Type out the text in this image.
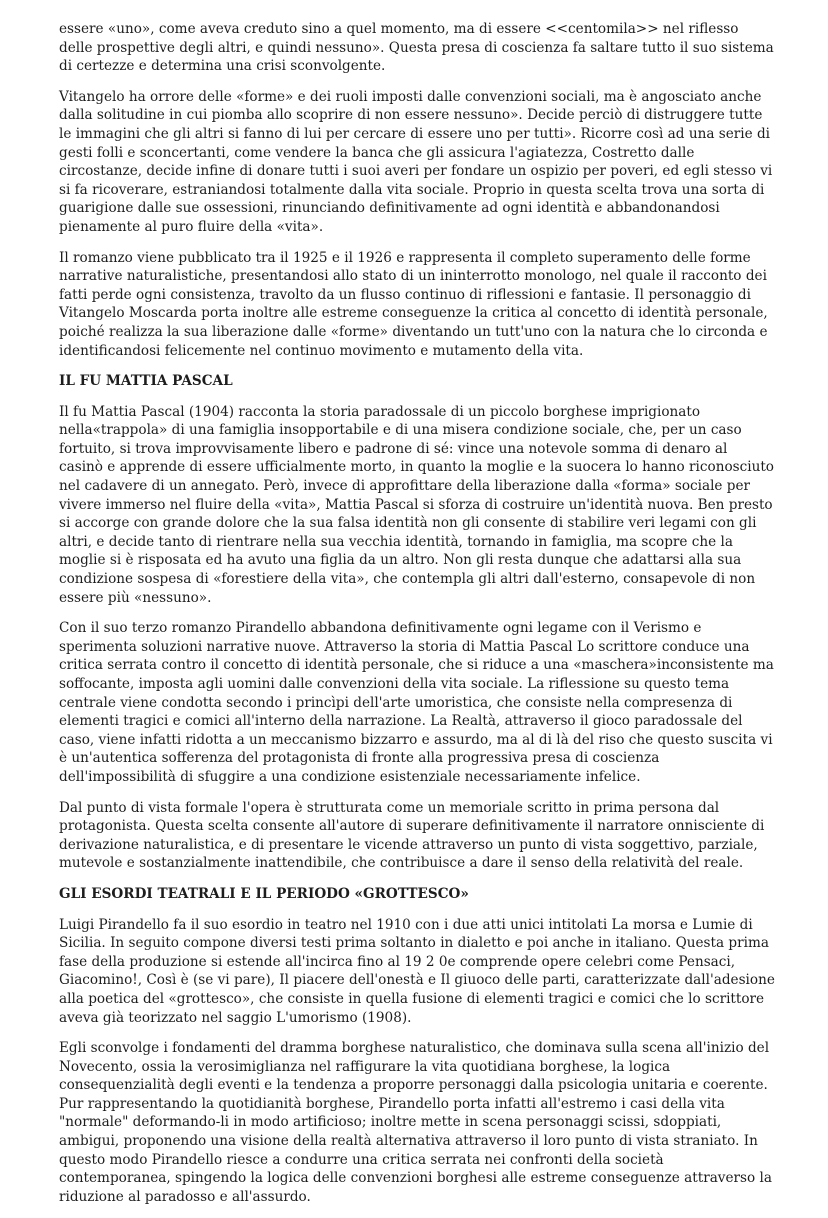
essere «uno», come aveva creduto sino a quel momento, ma di essere <<centomila>> nel riflesso delle prospettive degli altri, e quindi nessuno». Questa presa di coscienza fa saltare tutto il suo sistema di certezze e determina una crisi sconvolgente.

Vitangelo ha orrore delle «forme» e dei ruoli imposti dalle convenzioni sociali, ma è angosciato anche dalla solitudine in cui piomba allo scoprire di non essere nessuno». Decide perciò di distruggere tutte le immagini che gli altri si fanno di lui per cercare di essere uno per tutti». Ricorre così ad una serie di gesti folli e sconcertanti, come vendere la banca che gli assicura l'agiatezza, Costretto dalle circostanze, decide infine di donare tutti i suoi averi per fondare un ospizio per poveri, ed egli stesso vi si fa ricoverare, estraniandosi totalmente dalla vita sociale. Proprio in questa scelta trova una sorta di guarigione dalle sue ossessioni, rinunciando definitivamente ad ogni identità e abbandonandosi pienamente al puro fluire della «vita».

Il romanzo viene pubblicato tra il 1925 e il 1926 e rappresenta il completo superamento delle forme narrative naturalistiche, presentandosi allo stato di un ininterrotto monologo, nel quale il racconto dei fatti perde ogni consistenza, travolto da un flusso continuo di riflessioni e fantasie. Il personaggio di Vitangelo Moscarda porta inoltre alle estreme conseguenze la critica al concetto di identità personale, poiché realizza la sua liberazione dalle «forme» diventando un tutt'uno con la natura che lo circonda e identificandosi felicemente nel continuo movimento e mutamento della vita.

IL FU MATTIA PASCAL

Il fu Mattia Pascal (1904) racconta la storia paradossale di un piccolo borghese imprigionato nella«trappola» di una famiglia insopportabile e di una misera condizione sociale, che, per un caso fortuito, si trova improvvisamente libero e padrone di sé: vince una notevole somma di denaro al casinò e apprende di essere ufficialmente morto, in quanto la moglie e la suocera lo hanno riconosciuto nel cadavere di un annegato. Però, invece di approfittare della liberazione dalla «forma» sociale per vivere immerso nel fluire della «vita», Mattia Pascal si sforza di costruire un'identità nuova. Ben presto si accorge con grande dolore che la sua falsa identità non gli consente di stabilire veri legami con gli altri, e decide tanto di rientrare nella sua vecchia identità, tornando in famiglia, ma scopre che la moglie si è risposata ed ha avuto una figlia da un altro. Non gli resta dunque che adattarsi alla sua condizione sospesa di «forestiere della vita», che contempla gli altri dall'esterno, consapevole di non essere più «nessuno».

Con il suo terzo romanzo Pirandello abbandona definitivamente ogni legame con il Verismo e sperimenta soluzioni narrative nuove. Attraverso la storia di Mattia Pascal Lo scrittore conduce una critica serrata contro il concetto di identità personale, che si riduce a una «maschera»inconsistente ma soffocante, imposta agli uomini dalle convenzioni della vita sociale. La riflessione su questo tema centrale viene condotta secondo i princìpi dell'arte umoristica, che consiste nella compresenza di elementi tragici e comici all'interno della narrazione. La Realtà, attraverso il gioco paradossale del caso, viene infatti ridotta a un meccanismo bizzarro e assurdo, ma al di là del riso che questo suscita vi è un'autentica sofferenza del protagonista di fronte alla progressiva presa di coscienza dell'impossibilità di sfuggire a una condizione esistenziale necessariamente infelice.

Dal punto di vista formale l'opera è strutturata come un memoriale scritto in prima persona dal protagonista. Questa scelta consente all'autore di superare definitivamente il narratore onnisciente di derivazione naturalistica, e di presentare le vicende attraverso un punto di vista soggettivo, parziale, mutevole e sostanzialmente inattendibile, che contribuisce a dare il senso della relatività del reale.

GLI ESORDI TEATRALI E IL PERIODO «GROTTESCO»

Luigi Pirandello fa il suo esordio in teatro nel 1910 con i due atti unici intitolati La morsa e Lumie di Sicilia. In seguito compone diversi testi prima soltanto in dialetto e poi anche in italiano. Questa prima fase della produzione si estende all'incirca fino al 19 2 0e comprende opere celebri come Pensaci, Giacomino!, Così è (se vi pare), Il piacere dell'onestà e Il giuoco delle parti, caratterizzate dall'adesione alla poetica del «grottesco», che consiste in quella fusione di elementi tragici e comici che lo scrittore aveva già teorizzato nel saggio L'umorismo (1908).

Egli sconvolge i fondamenti del dramma borghese naturalistico, che dominava sulla scena all'inizio del Novecento, ossia la verosimiglianza nel raffigurare la vita quotidiana borghese, la logica consequenzialità degli eventi e la tendenza a proporre personaggi dalla psicologia unitaria e coerente. Pur rappresentando la quotidianità borghese, Pirandello porta infatti all'estremo i casi della vita "normale" deformando-li in modo artificioso; inoltre mette in scena personaggi scissi, sdoppiati, ambigui, proponendo una visione della realtà alternativa attraverso il loro punto di vista straniato. In questo modo Pirandello riesce a condurre una critica serrata nei confronti della società contemporanea, spingendo la logica delle convenzioni borghesi alle estreme conseguenze attraverso la riduzione al paradosso e all'assurdo.
